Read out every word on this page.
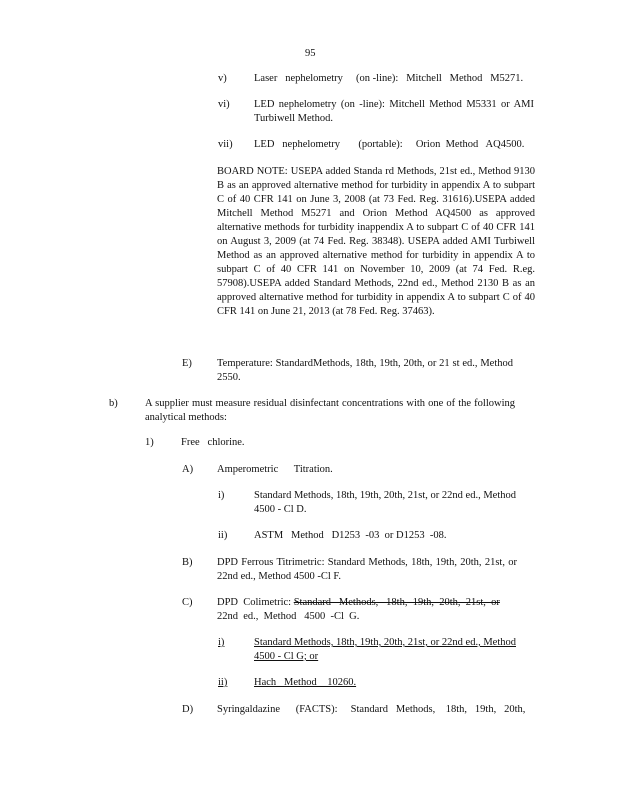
95
v)	Laser   nephelometry     (on -line):   Mitchell   Method   M5271.
vi) LED nephelometry (on -line): Mitchell Method M5331 or AMI Turbiwell Method.
vii) LED   nephelometry       (portable):     Orion  Method   AQ4500.
BOARD NOTE: USEPA added Standa rd Methods, 21st ed., Method 9130 B as an approved alternative method for turbidity in appendix A to subpart C of 40 CFR 141 on June 3, 2008 (at 73 Fed. Reg. 31616).USEPA added Mitchell Method M5271 and Orion Method AQ4500 as approved alternative methods for turbidity inappendix A to subpart C of 40 CFR 141 on August 3, 2009 (at 74 Fed. Reg. 38348). USEPA added AMI Turbiwell Method as an approved alternative method for turbidity in appendix A to subpart C of 40 CFR 141 on November 10, 2009 (at 74 Fed. R.eg. 57908).USEPA added Standard Methods, 22nd ed., Method 2130 B as an approved alternative method for turbidity in appendix A to subpart C of 40 CFR 141 on June 21, 2013 (at 78 Fed. Reg. 37463).
E) Temperature: StandardMethods, 18th, 19th, 20th, or 21 st ed., Method 2550.
b)	A supplier must measure residual disinfectant concentrations with one of the following analytical methods:
1)	Free   chlorine.
A) Amperometric      Titration.
i)	Standard Methods, 18th, 19th, 20th, 21st, or 22nd ed., Method 4500 - Cl D.
ii)	ASTM   Method   D1253  -03  or D1253  -08.
B) DPD Ferrous Titrimetric: Standard Methods, 18th, 19th, 20th, 21st, or 22nd ed., Method 4500 -Cl F.
C) DPD  Colimetric: Standard   Methods,   18th,  19th,  20th,  21st,  or
22nd  ed.,  Method   4500  -Cl  G.
i)	Standard Methods, 18th, 19th, 20th, 21st, or 22nd ed., Method 4500 - Cl G; or
ii)	Hach   Method    10260.
D) Syringaldazine      (FACTS):     Standard   Methods,    18th,   19th,   20th,
